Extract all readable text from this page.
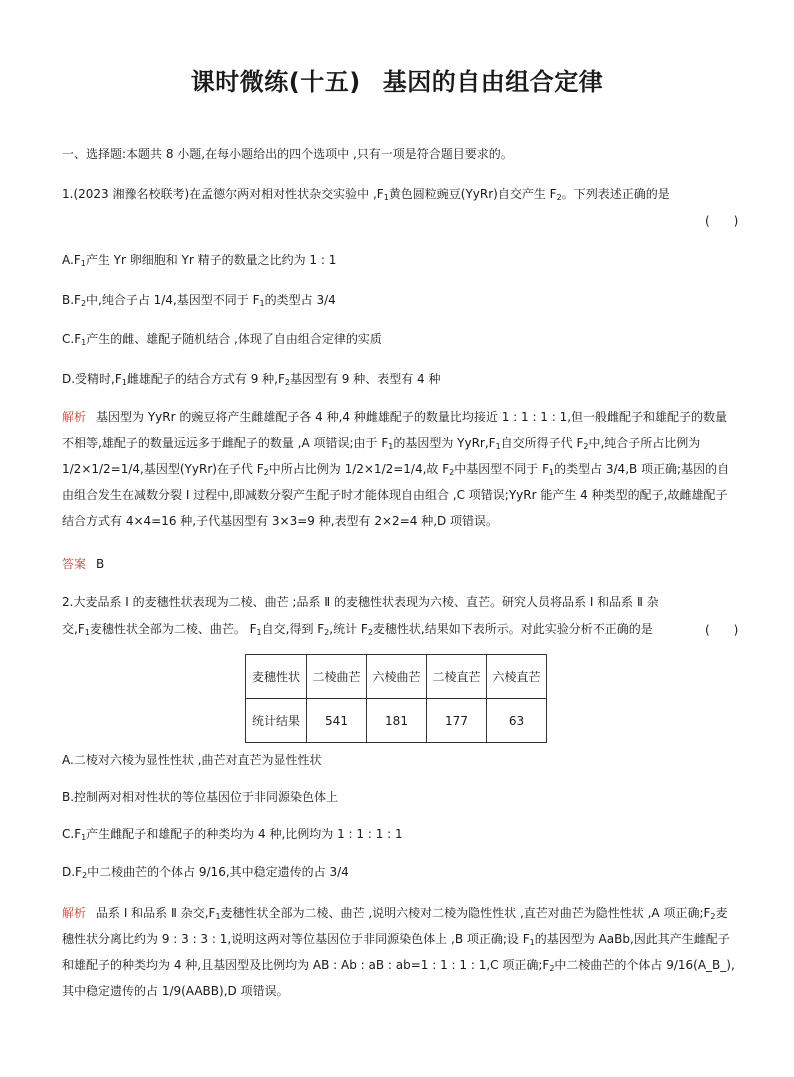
课时微练(十五) 基因的自由组合定律
一、选择题:本题共 8 小题,在每小题给出的四个选项中 ,只有一项是符合题目要求的。
1.(2023 湘豫名校联考)在孟德尔两对相对性状杂交实验中 $,F_1$黄色圆粒豌豆(YyRr)自交产生 $F_2$。下列表述正确的是
(　　)
$A.F_1$产生 Yr 卵细胞和 Yr 精子的数量之比约为 1 : 1
$B.F_2$中,纯合子占 1/4,基因型不同于 $F_1$的类型占 3/4
$C.F_1$产生的雌、雄配子随机结合 ,体现了自由组合定律的实质
D.受精时$,F_1$雌雄配子的结合方式有 9 种$,F_2$基因型有 9 种、表型有 4 种
解析 基因型为 YyRr 的豌豆将产生雌雄配子各 4 种,4 种雌雄配子的数量比均接近 1 : 1 : 1 : 1,但一般雌配子和雄配子的数量不相等,雄配子的数量远远多于雌配子的数量 ,A 项错误;由于 $F_1$的基因型为 $YyRr,F_1$自交所得子代 $F_2$中,纯合子所占比例为 1/2×1/2=1/4,基因型(YyRr)在子代 $F_2$中所占比例为 1/2×1/2=1/4,故 $F_2$中基因型不同于 $F_1$的类型占 3/4,B 项正确;基因的自由组合发生在减数分裂 Ⅰ 过程中,即减数分裂产生配子时才能体现自由组合 ,C 项错误;YyRr 能产生 4 种类型的配子,故雌雄配子结合方式有 4×4=16 种,子代基因型有 3×3=9 种,表型有 2×2=4 种,D 项错误。
答案 B
2.大麦品系 Ⅰ 的麦穗性状表现为二棱、曲芒 ;品系 Ⅱ 的麦穗性状表现为六棱、直芒。研究人员将品系 Ⅰ 和品系 Ⅱ 杂
交$,F_1$麦穗性状全部为二棱、曲芒。 $F_1$自交,得到 $F_2$,统计 $F_2$麦穗性状,结果如下表所示。对此实验分析不正确的是	(　　)
麦穗性状	二棱曲芒	六棱曲芒	二棱直芒	六棱直芒
统计结果	541	181	177	63
A.二棱对六棱为显性性状 ,曲芒对直芒为显性性状
B.控制两对相对性状的等位基因位于非同源染色体上
$C.F_1$产生雌配子和雄配子的种类均为 4 种,比例均为 1 : 1 : 1 : 1
$D.F_2$中二棱曲芒的个体占 9/16,其中稳定遗传的占 3/4
解析 品系 Ⅰ 和品系 Ⅱ 杂交$,F_1$麦穗性状全部为二棱、曲芒 ,说明六棱对二棱为隐性性状 ,直芒对曲芒为隐性性状 ,A 项正确$;F_2$麦穗性状分离比约为 9 : 3 : 3 : 1,说明这两对等位基因位于非同源染色体上 ,B 项正确;设 $F_1$的基因型为 AaBb,因此其产生雌配子和雄配子的种类均为 4 种,且基因型及比例均为 AB : Ab : aB : ab=1 : 1 : 1 : 1,C 项正确$;F_2$中二棱曲芒的个体占 9/16(A_B_),其中稳定遗传的占 1/9(AABB),D 项错误。
